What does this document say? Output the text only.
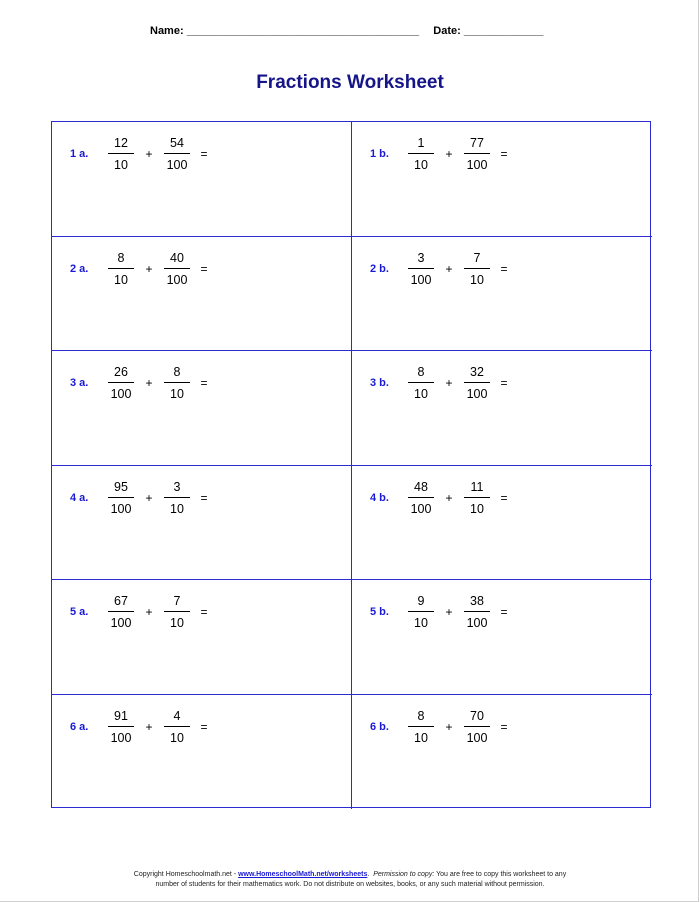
Name: ______________________________________ Date: _____________
Fractions Worksheet
1 a.	$\frac{12}{10} + \frac{54}{100}$ =	1 b.	$\frac{1}{10} + \frac{77}{100}$ =
2 a.	$\frac{8}{10} + \frac{40}{100}$ =	2 b.	$\frac{3}{100} + \frac{7}{10}$ =
3 a.	$\frac{26}{100} + \frac{8}{10}$ =	3 b.	$\frac{8}{10} + \frac{32}{100}$ =
4 a.	$\frac{95}{100} + \frac{3}{10}$ =	4 b.	$\frac{48}{100} + \frac{11}{10}$ =
5 a.	$\frac{67}{100} + \frac{7}{10}$ =	5 b.	$\frac{9}{10} + \frac{38}{100}$ =
6 a.	$\frac{91}{100} + \frac{4}{10}$ =	6 b.	$\frac{8}{10} + \frac{70}{100}$ =
Copyright Homeschoolmath.net - www.HomeschoolMath.net/worksheets. Permission to copy: You are free to copy this worksheet to any
number of students for their mathematics work. Do not distribute on websites, books, or any such material without permission.
